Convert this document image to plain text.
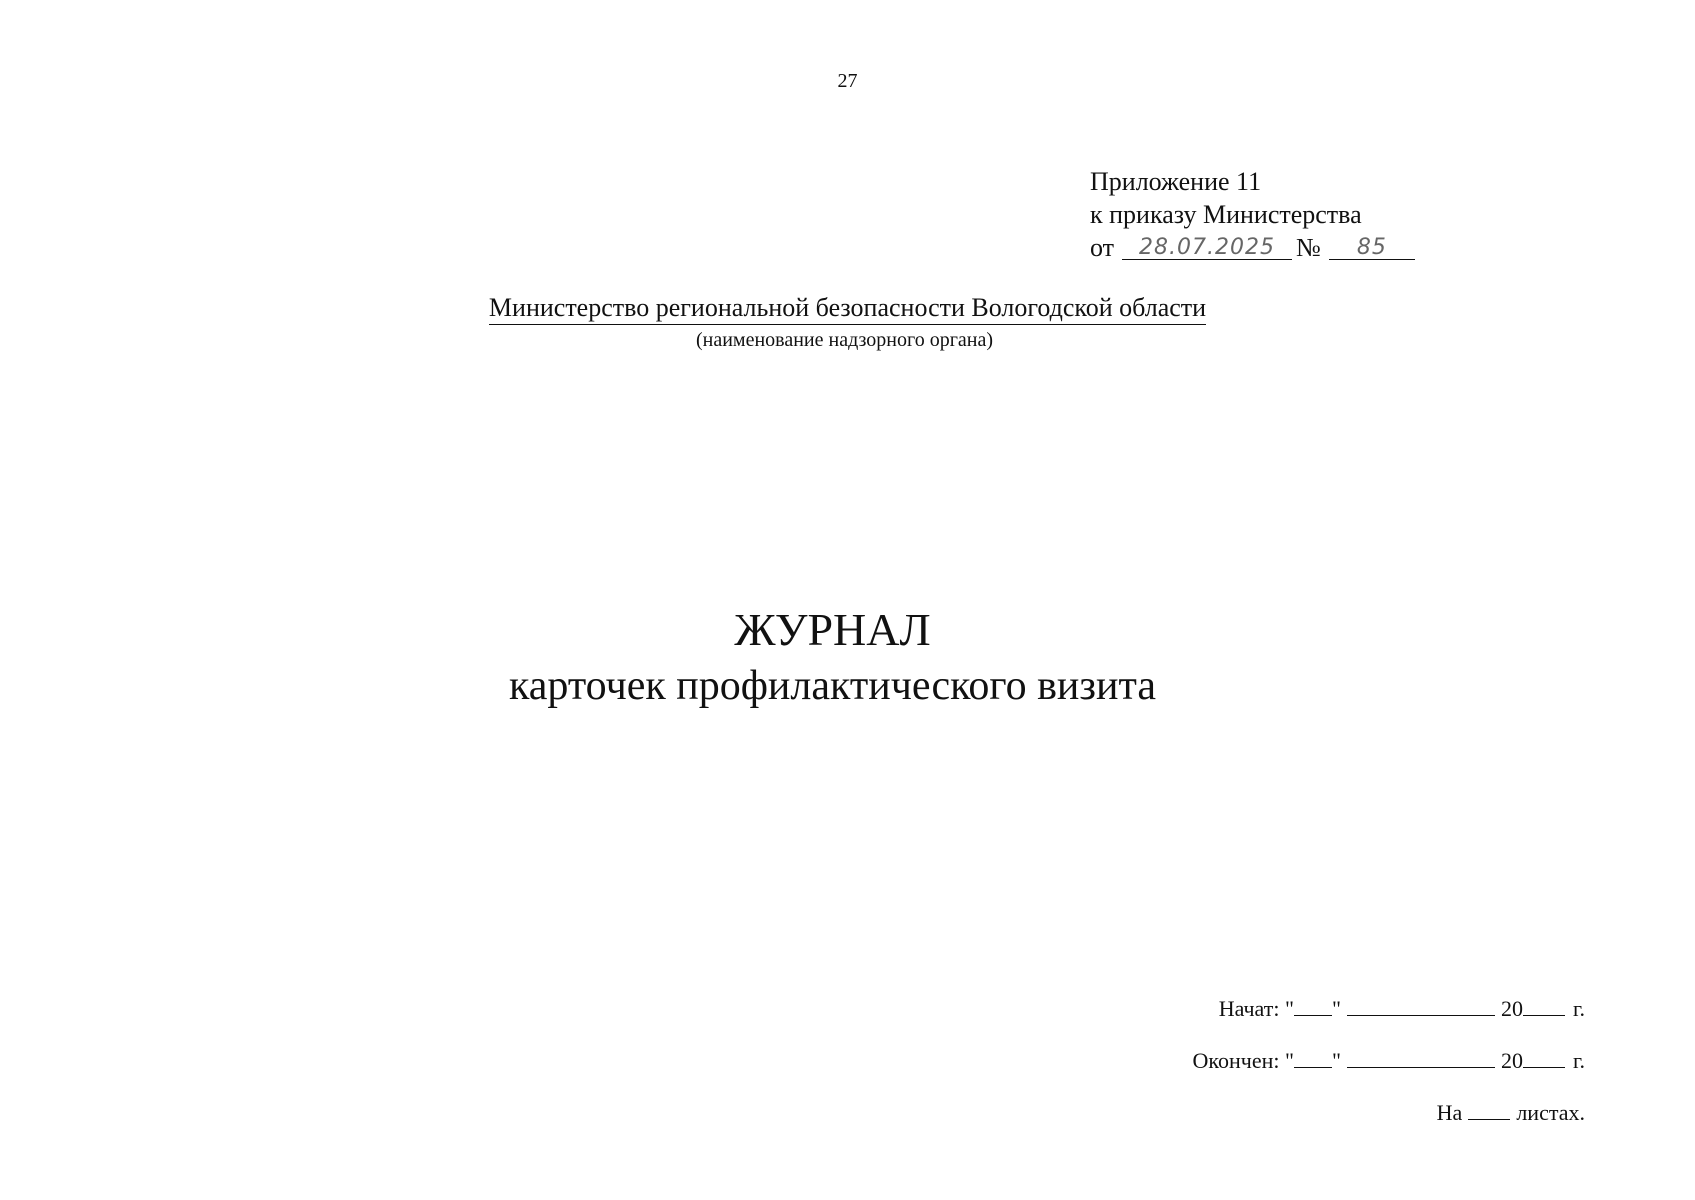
27
Приложение 11
к приказу Министерства
от 28.07.2025 № 85
Министерство региональной безопасности Вологодской области
(наименование надзорного органа)
ЖУРНАЛ
карточек профилактического визита
Начат: " "	20 г.
Окончен: " "	20 г.
На листах.
